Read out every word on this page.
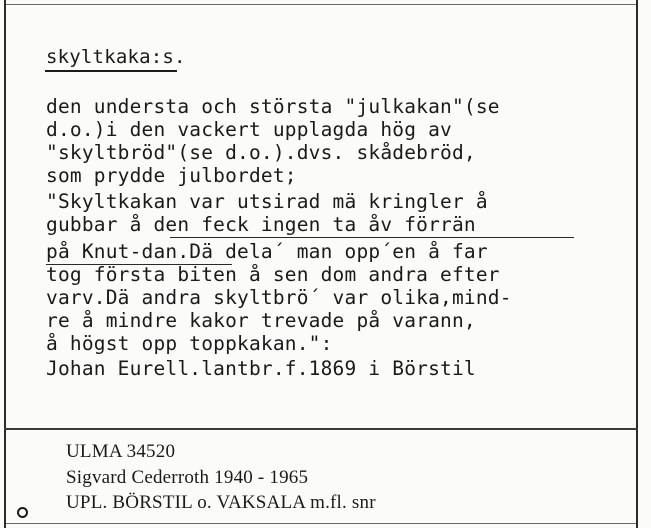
skyltkaka:s.
den understa och största "julkakan"(se
d.o.)i den vackert upplagda hög av
"skyltbröd"(se d.o.).dvs. skådebröd,
som prydde julbordet;
"Skyltkakan var utsirad mä kringler å
gubbar å den feck ingen ta åv förrän
på Knut-dan.Dä dela´ man opp´en å far
tog första biten å sen dom andra efter
varv.Dä andra skyltbrö´ var olika,mind-
re å mindre kakor trevade på varann,
å högst opp toppkakan.":
Johan Eurell.lantbr.f.1869 i Börstil
ULMA 34520
Sigvard Cederroth 1940 - 1965
UPL. BÖRSTIL o. VAKSALA m.fl. snr
